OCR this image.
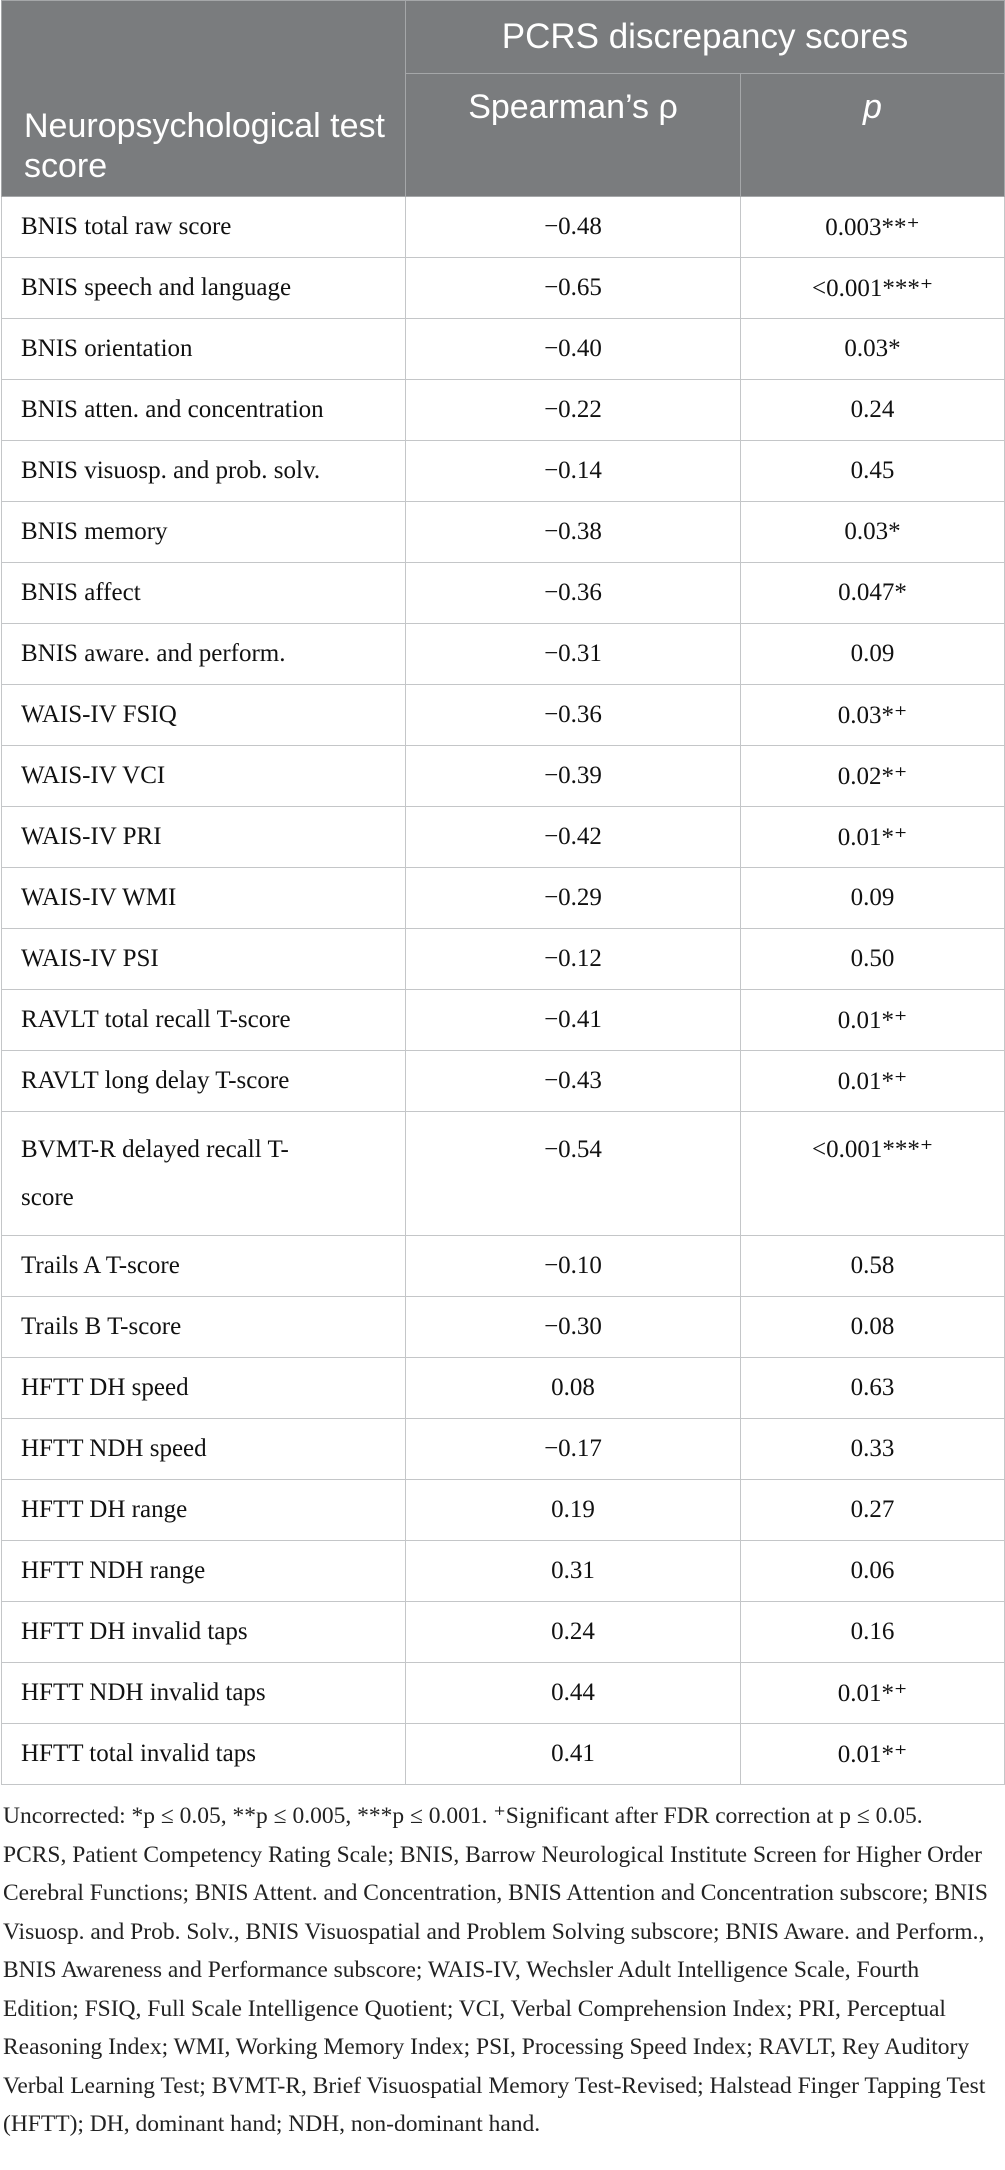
Neuropsychological test score	PCRS discrepancy scores	
	Spearman’s ρ	p
BNIS total raw score	−0.48	0.003**⁺
BNIS speech and language	−0.65	<0.001***⁺
BNIS orientation	−0.40	0.03*
BNIS atten. and concentration	−0.22	0.24
BNIS visuosp. and prob. solv.	−0.14	0.45
BNIS memory	−0.38	0.03*
BNIS affect	−0.36	0.047*
BNIS aware. and perform.	−0.31	0.09
WAIS-IV FSIQ	−0.36	0.03*⁺
WAIS-IV VCI	−0.39	0.02*⁺
WAIS-IV PRI	−0.42	0.01*⁺
WAIS-IV WMI	−0.29	0.09
WAIS-IV PSI	−0.12	0.50
RAVLT total recall T-score	−0.41	0.01*⁺
RAVLT long delay T-score	−0.43	0.01*⁺
BVMT-R delayed recall T-score	−0.54	<0.001***⁺
Trails A T-score	−0.10	0.58
Trails B T-score	−0.30	0.08
HFTT DH speed	0.08	0.63
HFTT NDH speed	−0.17	0.33
HFTT DH range	0.19	0.27
HFTT NDH range	0.31	0.06
HFTT DH invalid taps	0.24	0.16
HFTT NDH invalid taps	0.44	0.01*⁺
HFTT total invalid taps	0.41	0.01*⁺
Uncorrected: *p ≤ 0.05, **p ≤ 0.005, ***p ≤ 0.001. ⁺Significant after FDR correction at p ≤ 0.05. PCRS, Patient Competency Rating Scale; BNIS, Barrow Neurological Institute Screen for Higher Order Cerebral Functions; BNIS Attent. and Concentration, BNIS Attention and Concentration subscore; BNIS Visuosp. and Prob. Solv., BNIS Visuospatial and Problem Solving subscore; BNIS Aware. and Perform., BNIS Awareness and Performance subscore; WAIS-IV, Wechsler Adult Intelligence Scale, Fourth Edition; FSIQ, Full Scale Intelligence Quotient; VCI, Verbal Comprehension Index; PRI, Perceptual Reasoning Index; WMI, Working Memory Index; PSI, Processing Speed Index; RAVLT, Rey Auditory Verbal Learning Test; BVMT-R, Brief Visuospatial Memory Test-Revised; Halstead Finger Tapping Test (HFTT); DH, dominant hand; NDH, non-dominant hand.
